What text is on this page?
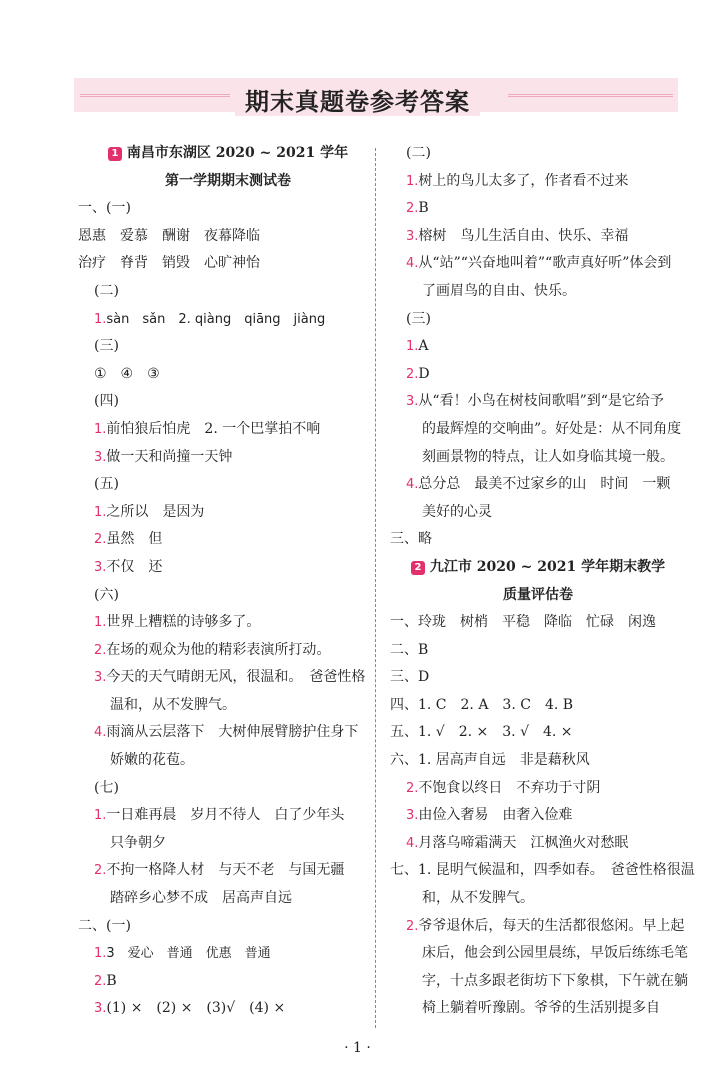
期末真题卷参考答案
1 南昌市东湖区 2020 ~ 2021 学年
第一学期期末测试卷
一、(一)
恩惠　爱慕　酬谢　夜幕降临
治疗　脊背　销毁　心旷神怡
(二)
1.sàn　sǎn　2. qiàng　qiāng　jiàng
(三)
①　④　③
(四)
1.前怕狼后怕虎　2. 一个巴掌拍不响
3.做一天和尚撞一天钟
(五)
1.之所以　是因为
2.虽然　但
3.不仅　还
(六)
1.世界上糟糕的诗够多了。
2.在场的观众为他的精彩表演所打动。
3.今天的天气晴朗无风，很温和。　爸爸性格
温和，从不发脾气。
4.雨滴从云层落下　大树伸展臂膀护住身下
娇嫩的花苞。
(七)
1.一日难再晨　岁月不待人　白了少年头
只争朝夕
2.不拘一格降人材　与天不老　与国无疆
踏碎乡心梦不成　居高声自远
二、(一)
1.3　爱心　普通　优惠　普通
2.B
3.(1) ×　(2) ×　(3)√　(4) ×
(二)
1.树上的鸟儿太多了，作者看不过来
2.B
3.榕树　鸟儿生活自由、快乐、幸福
4.从“站”“兴奋地叫着”“歌声真好听”体会到
了画眉鸟的自由、快乐。
(三)
1.A
2.D
3.从“看！小鸟在树枝间歌唱”到“是它给予
的最辉煌的交响曲”。好处是：从不同角度
刻画景物的特点，让人如身临其境一般。
4.总分总　最美不过家乡的山　时间　一颗
美好的心灵
三、略
2 九江市 2020 ~ 2021 学年期末教学
质量评估卷
一、玲珑　树梢　平稳　降临　忙碌　闲逸
二、B
三、D
四、1. C　2. A　3. C　4. B
五、1. √　2. ×　3. √　4. ×
六、1. 居高声自远　非是藉秋风
2.不饱食以终日　不弃功于寸阴
3.由俭入奢易　由奢入俭难
4.月落乌啼霜满天　江枫渔火对愁眠
七、1. 昆明气候温和，四季如春。　爸爸性格很温
和，从不发脾气。
2.爷爷退休后，每天的生活都很悠闲。早上起
床后，他会到公园里晨练，早饭后练练毛笔
字，十点多跟老街坊下下象棋，下午就在躺
椅上躺着听豫剧。爷爷的生活别提多自
· 1 ·
